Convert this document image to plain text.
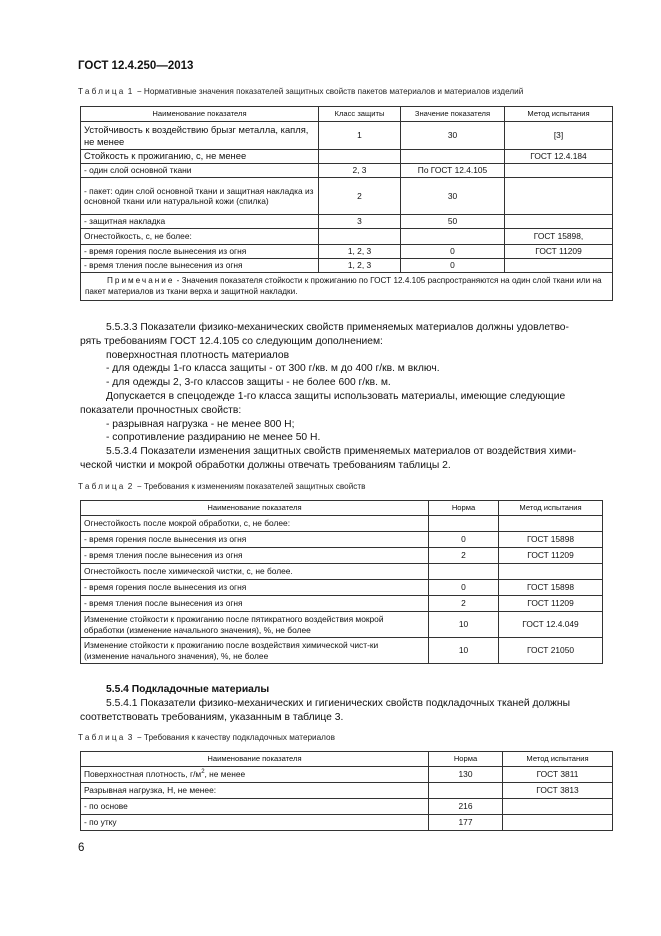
ГОСТ 12.4.250—2013
Таблица 1 − Нормативные значения показателей защитных свойств пакетов материалов и материалов изделий
Наименование показателя	Класс защиты	Значение показателя	Метод испытания
Устойчивость к воздействию брызг металла, капля, не менее	1	30	[3]
Стойкость к прожиганию, с, не менее			ГОСТ 12.4.184
- один слой основной ткани	2, 3	По ГОСТ 12.4.105	
- пакет: один слой основной ткани и защитная накладка из основной ткани или натуральной кожи (спилка)	2	30	
- защитная накладка	3	50	
Огнестойкость, с, не более:			ГОСТ 15898,
- время горения после вынесения из огня	1, 2, 3	0	ГОСТ 11209
- время тления после вынесения из огня	1, 2, 3	0	
Примечание - Значения показателя стойкости к прожиганию по ГОСТ 12.4.105 распространяются на один слой ткани или на пакет материалов из ткани верха и защитной накладки.			
5.5.3.3 Показатели физико-механических свойств применяемых материалов должны удовлетво-
рять требованиям ГОСТ 12.4.105 со следующим дополнением:
поверхностная плотность материалов
- для одежды 1-го класса защиты - от 300 г/кв. м до 400 г/кв. м включ.
- для одежды 2, 3-го классов защиты - не более 600 г/кв. м.
Допускается в спецодежде 1-го класса защиты использовать материалы, имеющие следующие
показатели прочностных свойств:
- разрывная нагрузка - не менее 800 Н;
- сопротивление раздиранию не менее 50 Н.
5.5.3.4 Показатели изменения защитных свойств применяемых материалов от воздействия хими-
ческой чистки и мокрой обработки должны отвечать требованиям таблицы 2.
Таблица 2 − Требования к изменениям показателей защитных свойств
Наименование показателя	Норма	Метод испытания
Огнестойкость после мокрой обработки, с, не более:		
- время горения после вынесения из огня	0	ГОСТ 15898
- время тления после вынесения из огня	2	ГОСТ 11209
Огнестойкость после химической чистки, с, не более.		
- время горения после вынесения из огня	0	ГОСТ 15898
- время тления после вынесения из огня	2	ГОСТ 11209
Изменение стойкости к прожиганию после пятикратного воздействия мокрой обработки (изменение начального значения), %, не более	10	ГОСТ 12.4.049
Изменение стойкости к прожиганию после воздействия химической чист-ки (изменение начального значения), %, не более	10	ГОСТ 21050
5.5.4 Подкладочные материалы
5.5.4.1 Показатели физико-механических и гигиенических свойств подкладочных тканей должны
соответствовать требованиям, указанным в таблице 3.
Таблица 3 − Требования к качеству подкладочных материалов
Наименование показателя	Норма	Метод испытания
Поверхностная плотность, $г/м^2$, не менее	130	ГОСТ 3811
Разрывная нагрузка, Н, не менее:		ГОСТ 3813
- по основе	216	
- по утку	177	
6
